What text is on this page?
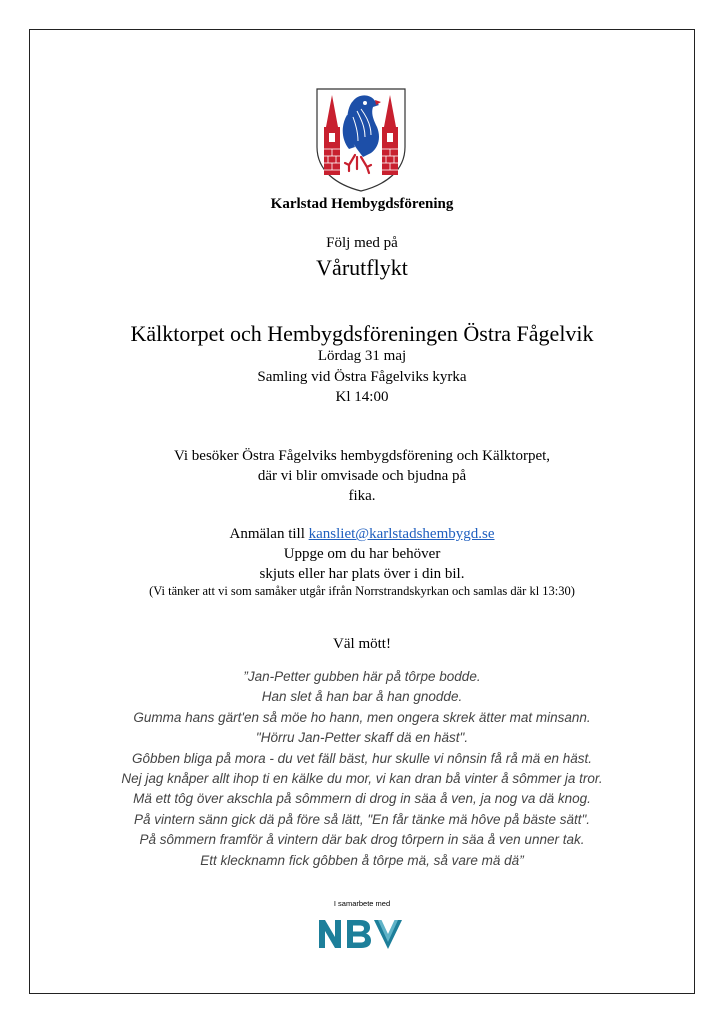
Karlstad Hembygdsförening
Följ med på
Vårutflykt
Kälktorpet och Hembygdsföreningen Östra Fågelvik
Lördag 31 maj
Samling vid Östra Fågelviks kyrka
Kl 14:00
Vi besöker Östra Fågelviks hembygdsförening och Kälktorpet,
där vi blir omvisade och bjudna på
fika.
Anmälan till kansliet@karlstadshembygd.se
Uppge om du har behöver
skjuts eller har plats över i din bil.
(Vi tänker att vi som samåker utgår ifrån Norrstrandskyrkan och samlas där kl 13:30)
Väl mött!
”Jan-Petter gubben här på tôrpe bodde.
Han slet å han bar å han gnodde.
Gumma hans gärt'en så möe ho hann, men ongera skrek ätter mat minsann.
"Hörru Jan-Petter skaff dä en häst".
Gôbben bliga på mora - du vet fäll bäst, hur skulle vi nônsin få rå mä en häst.
Nej jag knåper allt ihop ti en kälke du mor, vi kan dran bå vinter å sômmer ja tror.
Mä ett tôg över akschla på sômmern di drog in säa å ven, ja nog va dä knog.
På vintern sänn gick dä på före så lätt, "En får tänke mä hôve på bäste sätt".
På sômmern framför å vintern där bak drog tôrpern in säa å ven unner tak.
Ett klecknamn fick gôbben å tôrpe mä, så vare mä dä”
I samarbete med
